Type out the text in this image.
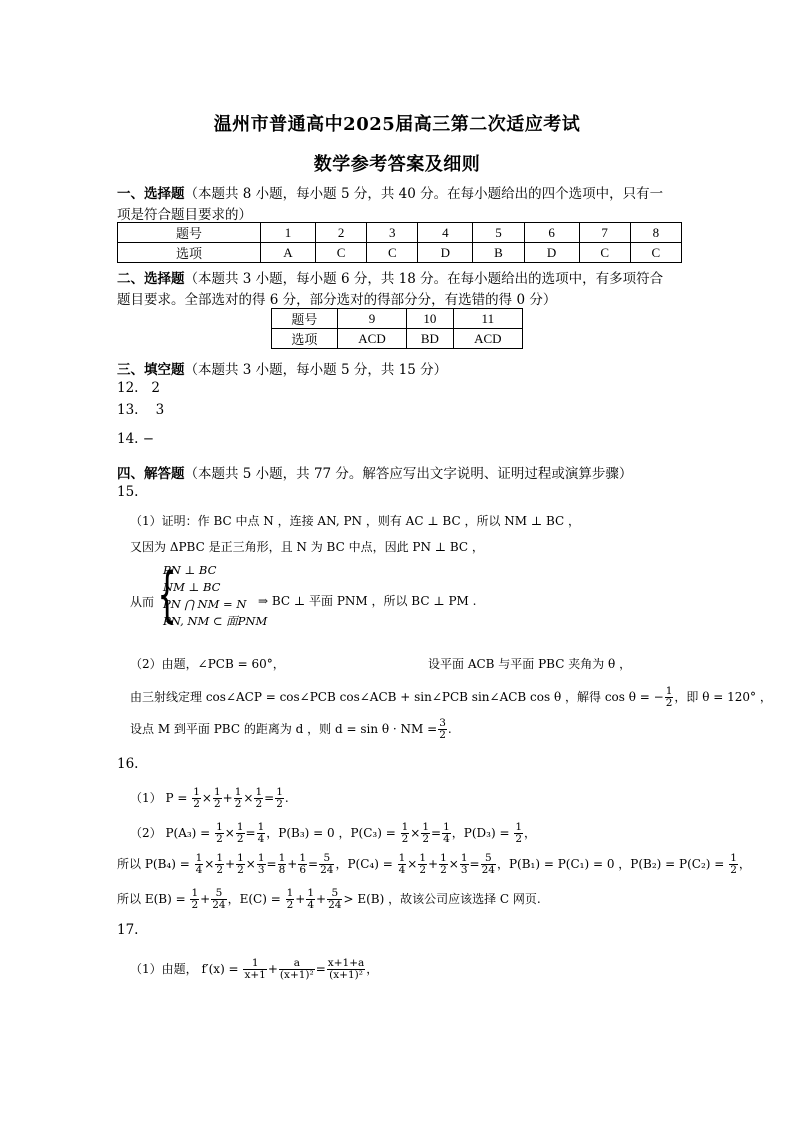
温州市普通高中2025届高三第二次适应考试
数学参考答案及细则
一、选择题（本题共 8 小题，每小题 5 分，共 40 分。在每小题给出的四个选项中，只有一
项是符合题目要求的）
题号	1	2	3	4	5	6	7	8
选项	A	C	C	D	B	D	C	C
二、选择题（本题共 3 小题，每小题 6 分，共 18 分。在每小题给出的选项中，有多项符合
题目要求。全部选对的得 6 分，部分选对的得部分分，有选错的得 0 分）
题号	9	10	11
选项	ACD	BD	ACD
三、填空题（本题共 3 小题，每小题 5 分，共 15 分）
12.   2
13.    3
14. −
四、解答题（本题共 5 小题，共 77 分。解答应写出文字说明、证明过程或演算步骤）
15.
（1）证明：作 BC 中点 N ，连接 AN, PN ，则有 AC ⊥ BC ，所以 NM ⊥ BC ，
又因为 ΔPBC 是正三角形，且 N 为 BC 中点，因此 PN ⊥ BC ，
从而 {
PN ⊥ BC
NM ⊥ BC
PN ⋂ NM = N
PN, NM ⊂ 面PNM
⇒ BC ⊥ 平面 PNM ，所以 BC ⊥ PM .
（2）由题，∠PCB = 60°，	设平面 ACB 与平面 PBC 夹角为 θ ，
由三射线定理 cos∠ACP = cos∠PCB cos∠ACB + sin∠PCB sin∠ACB cos θ ，解得 cos θ = − $\frac{1}{2}$ ，即 θ = 120° ，
设点 M 到平面 PBC 的距离为 d ，则 d = sin θ · NM = $\frac{3}{2}$ .
16.
（1） $P = \frac{1}{2} \times \frac{1}{2} + \frac{1}{2} \times \frac{1}{2} = \frac{1}{2}$ .
（2） $P(A_3) = \frac{1}{2} \times \frac{1}{2} = \frac{1}{4}$ ，P(B₃) = 0 ，$P(C_3) = \frac{1}{2} \times \frac{1}{2} = \frac{1}{4}$ ，$P(D_3) = \frac{1}{2}$ ，
所以 $P(B_4) = \frac{1}{4} \times \frac{1}{2} + \frac{1}{2} \times \frac{1}{3} = \frac{1}{8} + \frac{1}{6} = \frac{5}{24}$ ，$P(C_4) = \frac{1}{4} \times \frac{1}{2} + \frac{1}{2} \times \frac{1}{3} = \frac{5}{24}$ ，P(B₁) = P(C₁) = 0 ，$P(B_2) = P(C_2) = \frac{1}{2}$ ，
所以 $E(B) = \frac{1}{2} + \frac{5}{24}$ ，$E(C) = \frac{1}{2} + \frac{1}{4} + \frac{5}{24} > E(B)$ ，故该公司应该选择 C 网页.
17.
（1）由题， $f'(x) = \frac{1}{x+1} + \frac{a}{\text{(x+1)²}} = \frac{x+1+a}{\text{(x+1)²}}$ ，
